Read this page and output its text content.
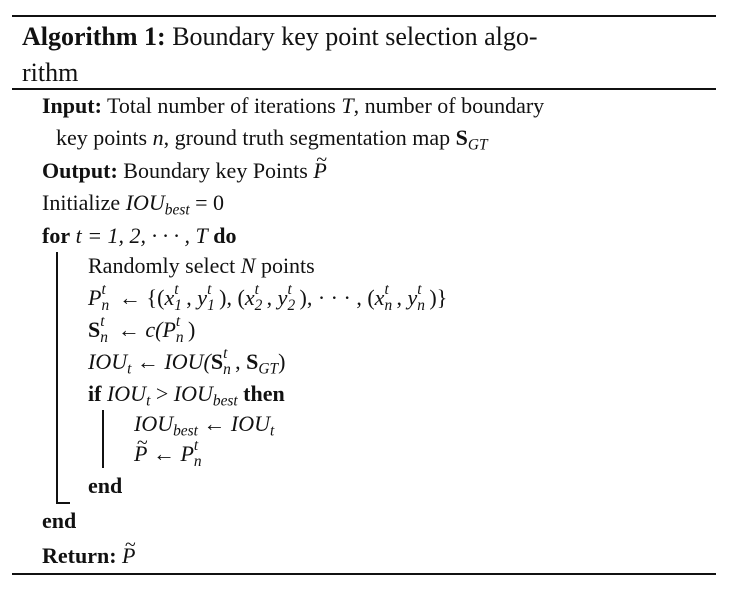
Algorithm 1: Boundary key point selection algo-
rithm
Input: Total number of iterations T, number of boundary
key points n, ground truth segmentation map $S_{GT}$
Output: Boundary key Points ~ P
Initialize $IOU_{best} = 0$
for t = 1, 2, · · · , T do
Randomly select N points
P t
n ← {(x t
1 , y t
1 ), (x t
2 , y t
2 ), · · · , (x t
n , y t
n )}
S t
n ← c(P t
n )
$IOU_t$ ← IOU(S t
n , $S_{GT}$)
if $IOU_t > IOU_{best}$ then
$IOU_{best}$ ← $IOU_t$
~ P ← P t
n
end
end
Return: ~ P
